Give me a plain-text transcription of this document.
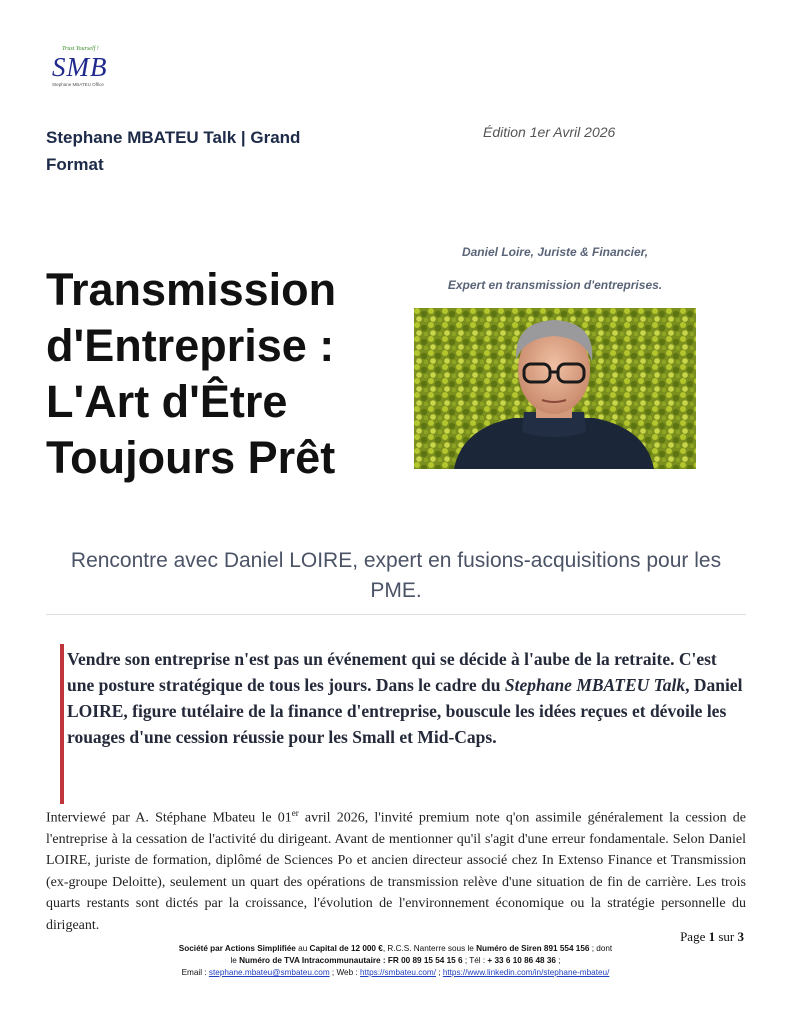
Trust Yourself !
SMB
Stephane MBATEU Office
Stephane MBATEU Talk | Grand Format
Édition 1er Avril 2026
Daniel Loire, Juriste & Financier,
Expert en transmission d'entreprises.
Transmission d'Entreprise : L'Art d'Être Toujours Prêt
Rencontre avec Daniel LOIRE, expert en fusions-acquisitions pour les PME.
Vendre son entreprise n'est pas un événement qui se décide à l'aube de la retraite. C'est une posture stratégique de tous les jours. Dans le cadre du Stephane MBATEU Talk, Daniel LOIRE, figure tutélaire de la finance d'entreprise, bouscule les idées reçues et dévoile les rouages d'une cession réussie pour les Small et Mid-Caps.
Interviewé par A. Stéphane Mbateu le 01er avril 2026, l'invité premium note q'on assimile généralement la cession de l'entreprise à la cessation de l'activité du dirigeant. Avant de mentionner qu'il s'agit d'une erreur fondamentale. Selon Daniel LOIRE, juriste de formation, diplômé de Sciences Po et ancien directeur associé chez In Extenso Finance et Transmission (ex-groupe Deloitte), seulement un quart des opérations de transmission relève d'une situation de fin de carrière. Les trois quarts restants sont dictés par la croissance, l'évolution de l'environnement économique ou la stratégie personnelle du dirigeant.
Page 1 sur 3
Société par Actions Simplifiée au Capital de 12 000 €, R.C.S. Nanterre sous le Numéro de Siren 891 554 156 ; dont
le Numéro de TVA Intracommunautaire : FR 00 89 15 54 15 6 ; Tél : + 33 6 10 86 48 36 ;
Email : stephane.mbateu@smbateu.com ; Web : https://smbateu.com/ ; https://www.linkedin.com/in/stephane-mbateu/
